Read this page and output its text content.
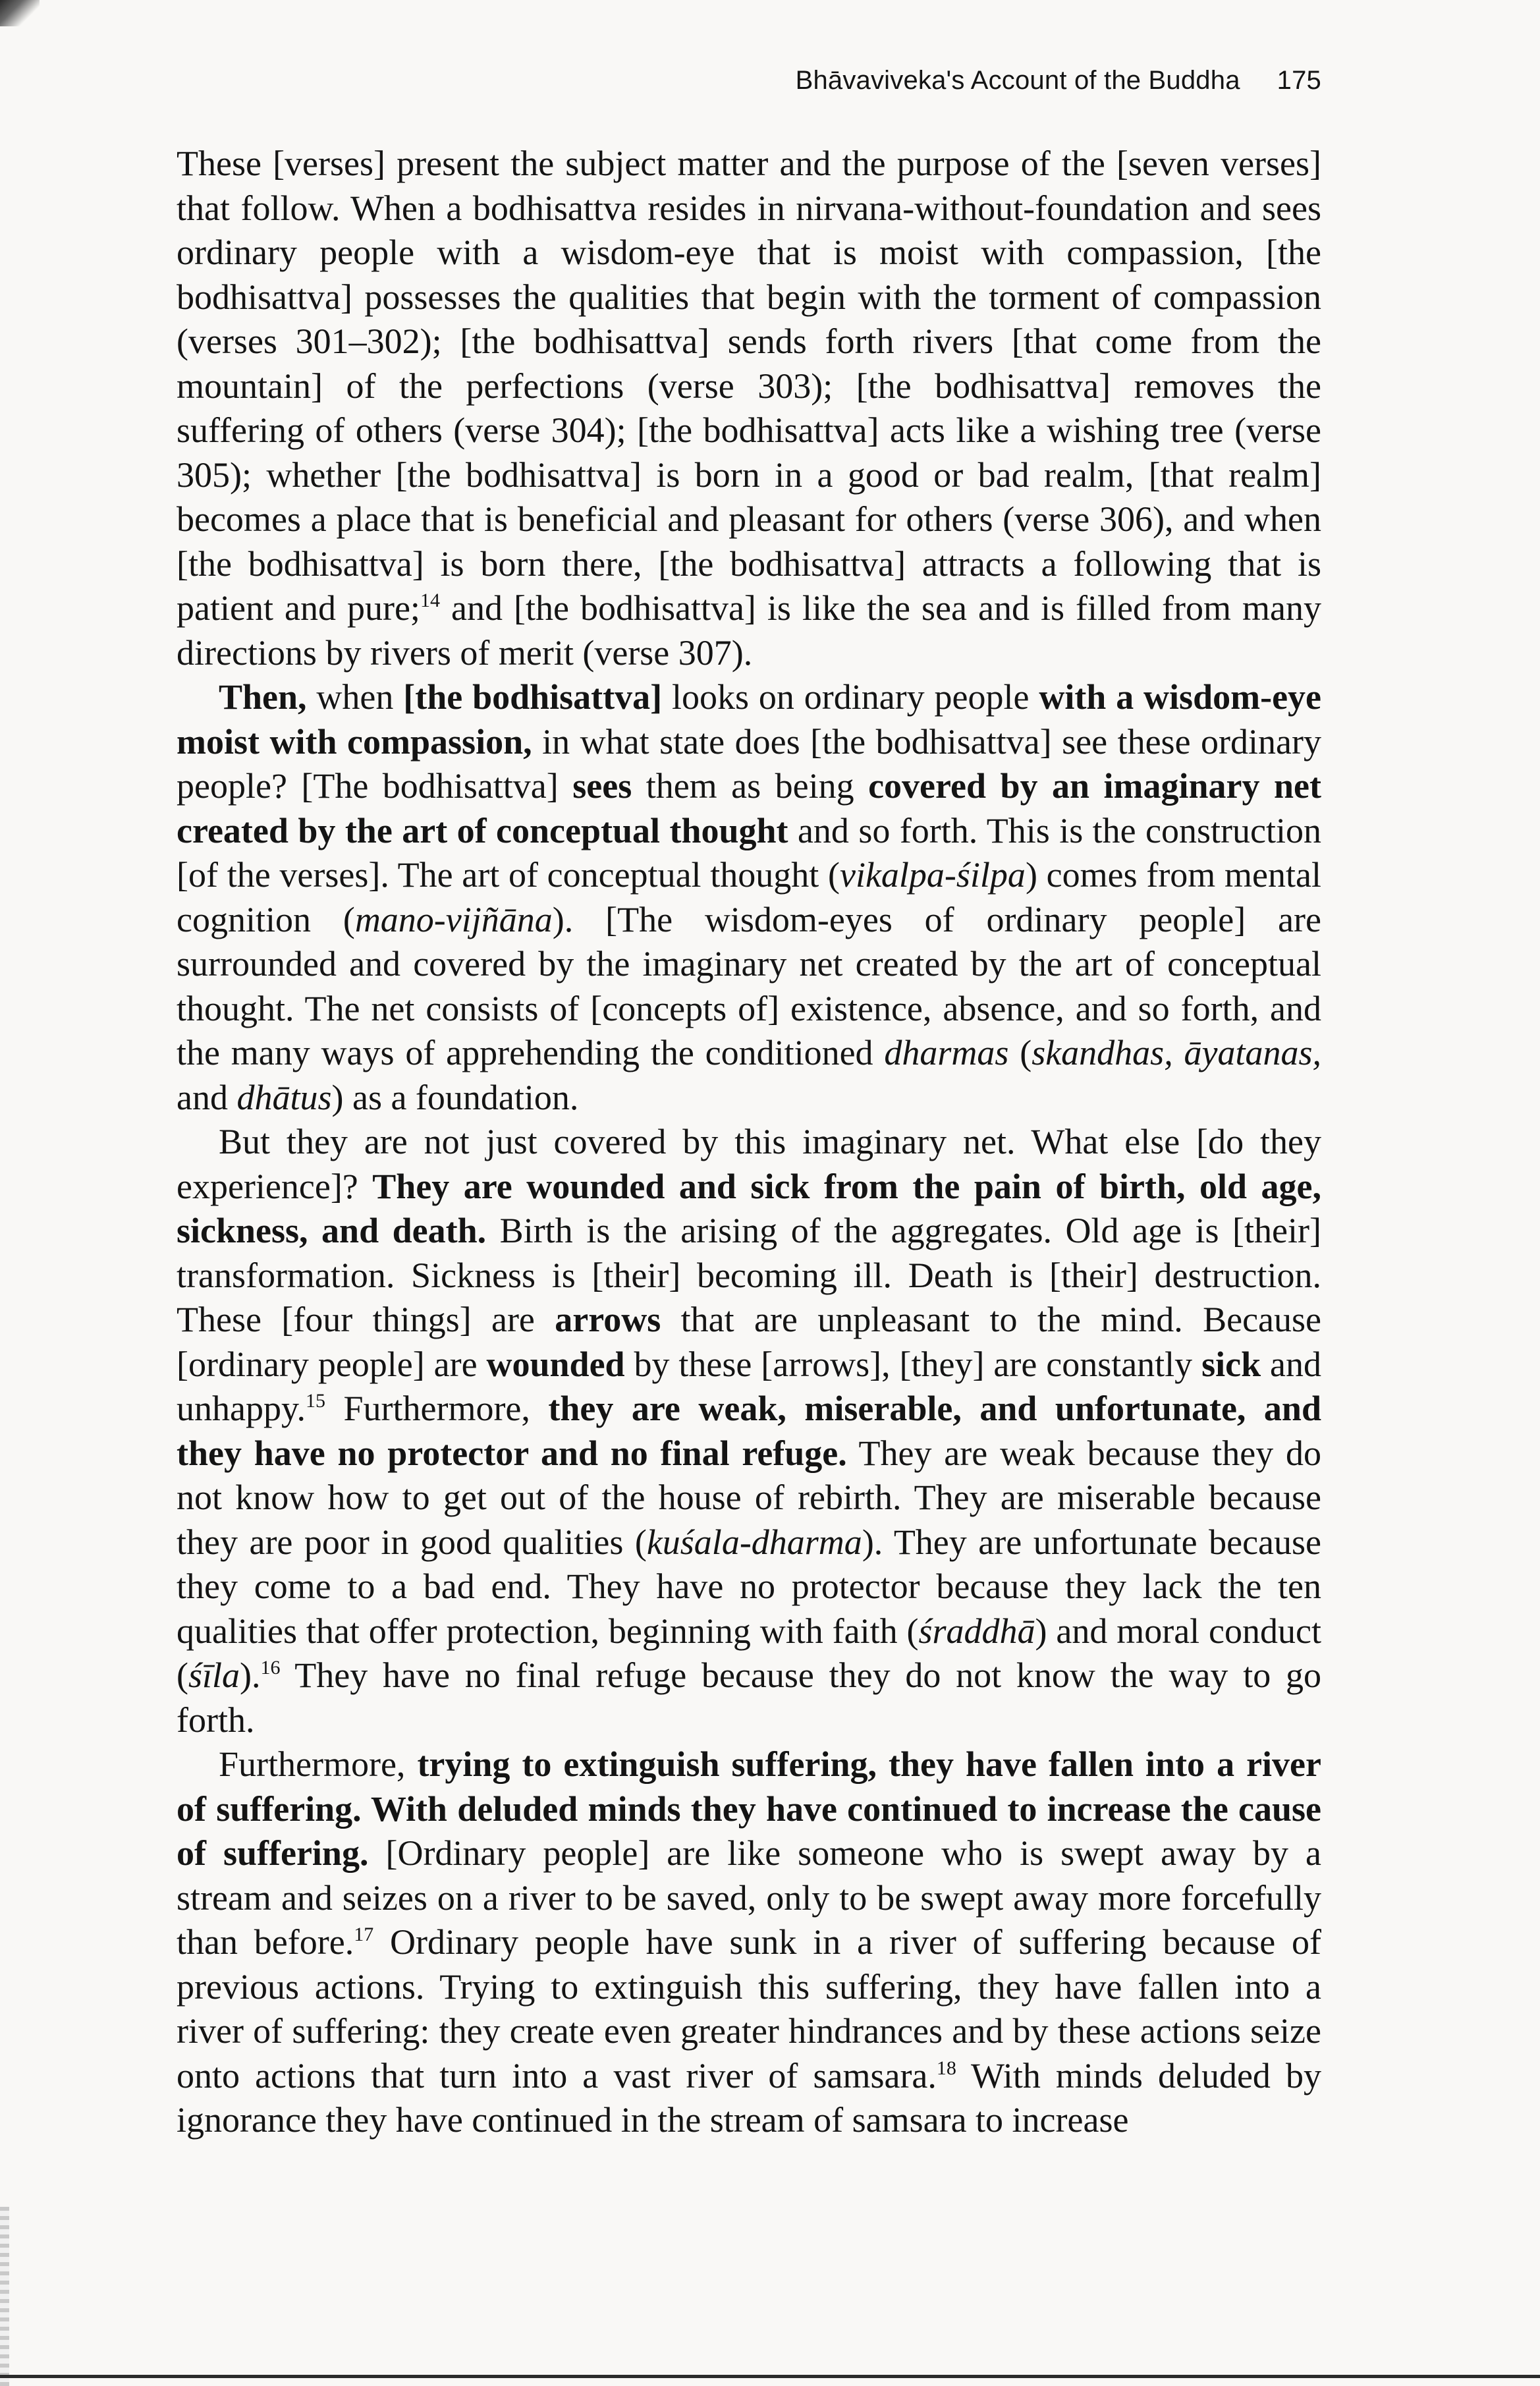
Bhāvaviveka's Account of the Buddha 175

These [verses] present the subject matter and the purpose of the [seven verses] that follow. When a bodhisattva resides in nirvana-without-foundation and sees ordinary people with a wisdom-eye that is moist with compassion, [the bodhisattva] possesses the qualities that begin with the torment of compassion (verses 301–302); [the bodhisattva] sends forth rivers [that come from the mountain] of the perfections (verse 303); [the bodhisattva] removes the suffering of others (verse 304); [the bodhisattva] acts like a wishing tree (verse 305); whether [the bodhisattva] is born in a good or bad realm, [that realm] becomes a place that is beneficial and pleasant for others (verse 306), and when [the bodhisattva] is born there, [the bodhisattva] attracts a following that is patient and pure;$^{14}$ and [the bodhisattva] is like the sea and is filled from many directions by rivers of merit (verse 307).

Then, when [the bodhisattva] looks on ordinary people with a wisdom-eye moist with compassion, in what state does [the bodhisattva] see these ordinary people? [The bodhisattva] sees them as being covered by an imaginary net created by the art of conceptual thought and so forth. This is the construction [of the verses]. The art of conceptual thought (vikalpa-śilpa) comes from mental cognition (mano-vijñāna). [The wisdom-eyes of ordinary people] are surrounded and covered by the imaginary net created by the art of conceptual thought. The net consists of [concepts of] existence, absence, and so forth, and the many ways of apprehending the conditioned dharmas (skandhas, āyatanas, and dhātus) as a foundation.

But they are not just covered by this imaginary net. What else [do they experience]? They are wounded and sick from the pain of birth, old age, sickness, and death. Birth is the arising of the aggregates. Old age is [their] transformation. Sickness is [their] becoming ill. Death is [their] destruction. These [four things] are arrows that are unpleasant to the mind. Because [ordinary people] are wounded by these [arrows], [they] are constantly sick and unhappy.$^{15}$ Furthermore, they are weak, miserable, and unfortunate, and they have no protector and no final refuge. They are weak because they do not know how to get out of the house of rebirth. They are miserable because they are poor in good qualities (kuśala-dharma). They are unfortunate because they come to a bad end. They have no protector because they lack the ten qualities that offer protection, beginning with faith (śraddhā) and moral conduct (śīla).$^{16}$ They have no final refuge because they do not know the way to go forth.

Furthermore, trying to extinguish suffering, they have fallen into a river of suffering. With deluded minds they have continued to increase the cause of suffering. [Ordinary people] are like someone who is swept away by a stream and seizes on a river to be saved, only to be swept away more forcefully than before.$^{17}$ Ordinary people have sunk in a river of suffering because of previous actions. Trying to extinguish this suffering, they have fallen into a river of suffering: they create even greater hindrances and by these actions seize onto actions that turn into a vast river of samsara.$^{18}$ With minds deluded by ignorance they have continued in the stream of samsara to increase
